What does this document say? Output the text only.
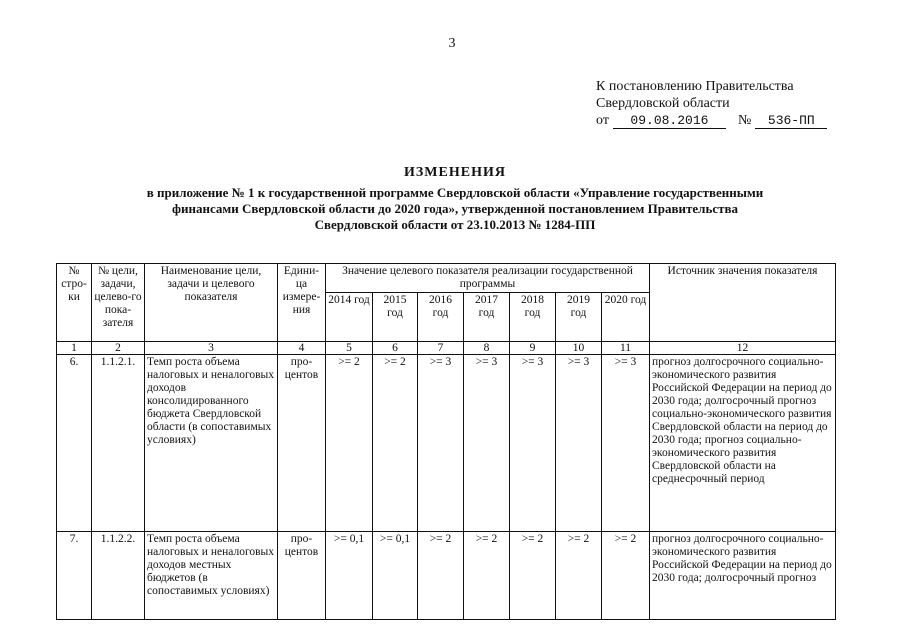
3
К постановлению Правительства
Свердловской области
от	09.08.2016	№	536-ПП
ИЗМЕНЕНИЯ
в приложение № 1 к государственной программе Свердловской области «Управление государственными
финансами Свердловской области до 2020 года», утвержденной постановлением Правительства
Свердловской области от 23.10.2013 № 1284-ПП
№ стро-ки	№ цели, задачи, целево-го пока-зателя	Наименование цели, задачи и целевого показателя	Едини-ца измере-ния	Значение целевого показателя реализации государственной программы							Источник значения показателя
				2014 год	2015 год	2016 год	2017 год	2018 год	2019 год	2020 год	
1	2	3	4	5	6	7	8	9	10	11	12
6.	1.1.2.1.	Темп роста объема налоговых и неналоговых доходов консолидированного бюджета Свердловской области (в сопоставимых условиях)	про-центов	>= 2	>= 2	>= 3	>= 3	>= 3	>= 3	>= 3	прогноз долгосрочного социально-экономического развития Российской Федерации на период до 2030 года; долгосрочный прогноз социально-экономического развития Свердловской области на период до 2030 года; прогноз социально-экономического развития Свердловской области на среднесрочный период
7.	1.1.2.2.	Темп роста объема налоговых и неналоговых доходов местных бюджетов (в сопоставимых условиях)	про-центов	>= 0,1	>= 0,1	>= 2	>= 2	>= 2	>= 2	>= 2	прогноз долгосрочного социально-экономического развития Российской Федерации на период до 2030 года; долгосрочный прогноз
